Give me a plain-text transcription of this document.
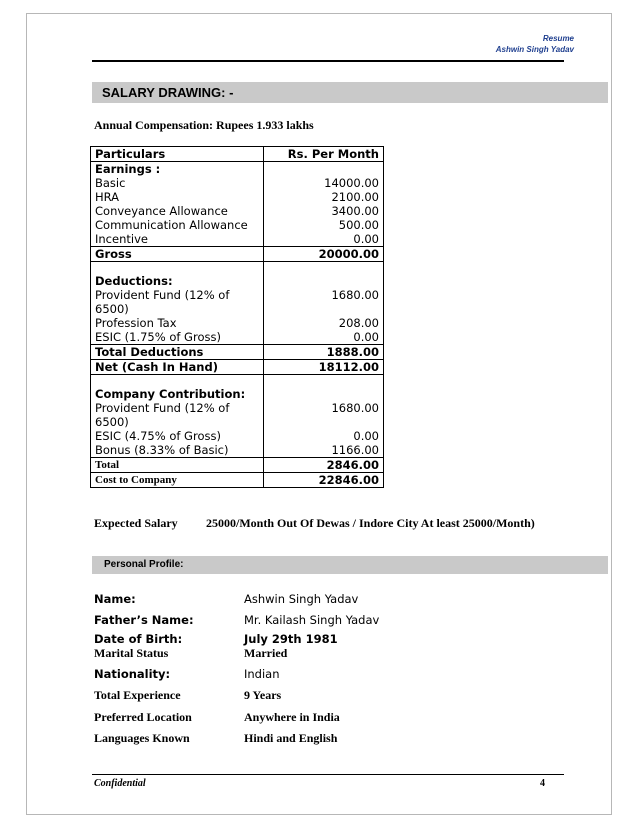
Resume
Ashwin Singh Yadav
SALARY DRAWING: -
Annual Compensation: Rupees 1.933 lakhs
Particulars	Rs. Per Month
Earnings :	
Basic	14000.00
HRA	2100.00
Conveyance Allowance	3400.00
Communication Allowance	500.00
Incentive	0.00
Gross	20000.00

Deductions:	
Provident Fund (12% of 6500)	1680.00
Profession Tax	208.00
ESIC (1.75% of Gross)	0.00
Total Deductions	1888.00
Net (Cash In Hand)	18112.00

Company Contribution:	
Provident Fund (12% of 6500)	1680.00
ESIC (4.75% of Gross)	0.00
Bonus (8.33% of Basic)	1166.00
Total	2846.00
Cost to Company	22846.00
Expected Salary 25000/Month Out Of Dewas / Indore City At least 25000/Month)
Personal Profile:
Name:	Ashwin Singh Yadav
Father’s Name:	Mr. Kailash Singh Yadav
Date of Birth:	July 29th 1981
Marital Status	Married
Nationality:	Indian
Total Experience	9 Years
Preferred Location	Anywhere in India
Languages Known	Hindi and English
Confidential	4
